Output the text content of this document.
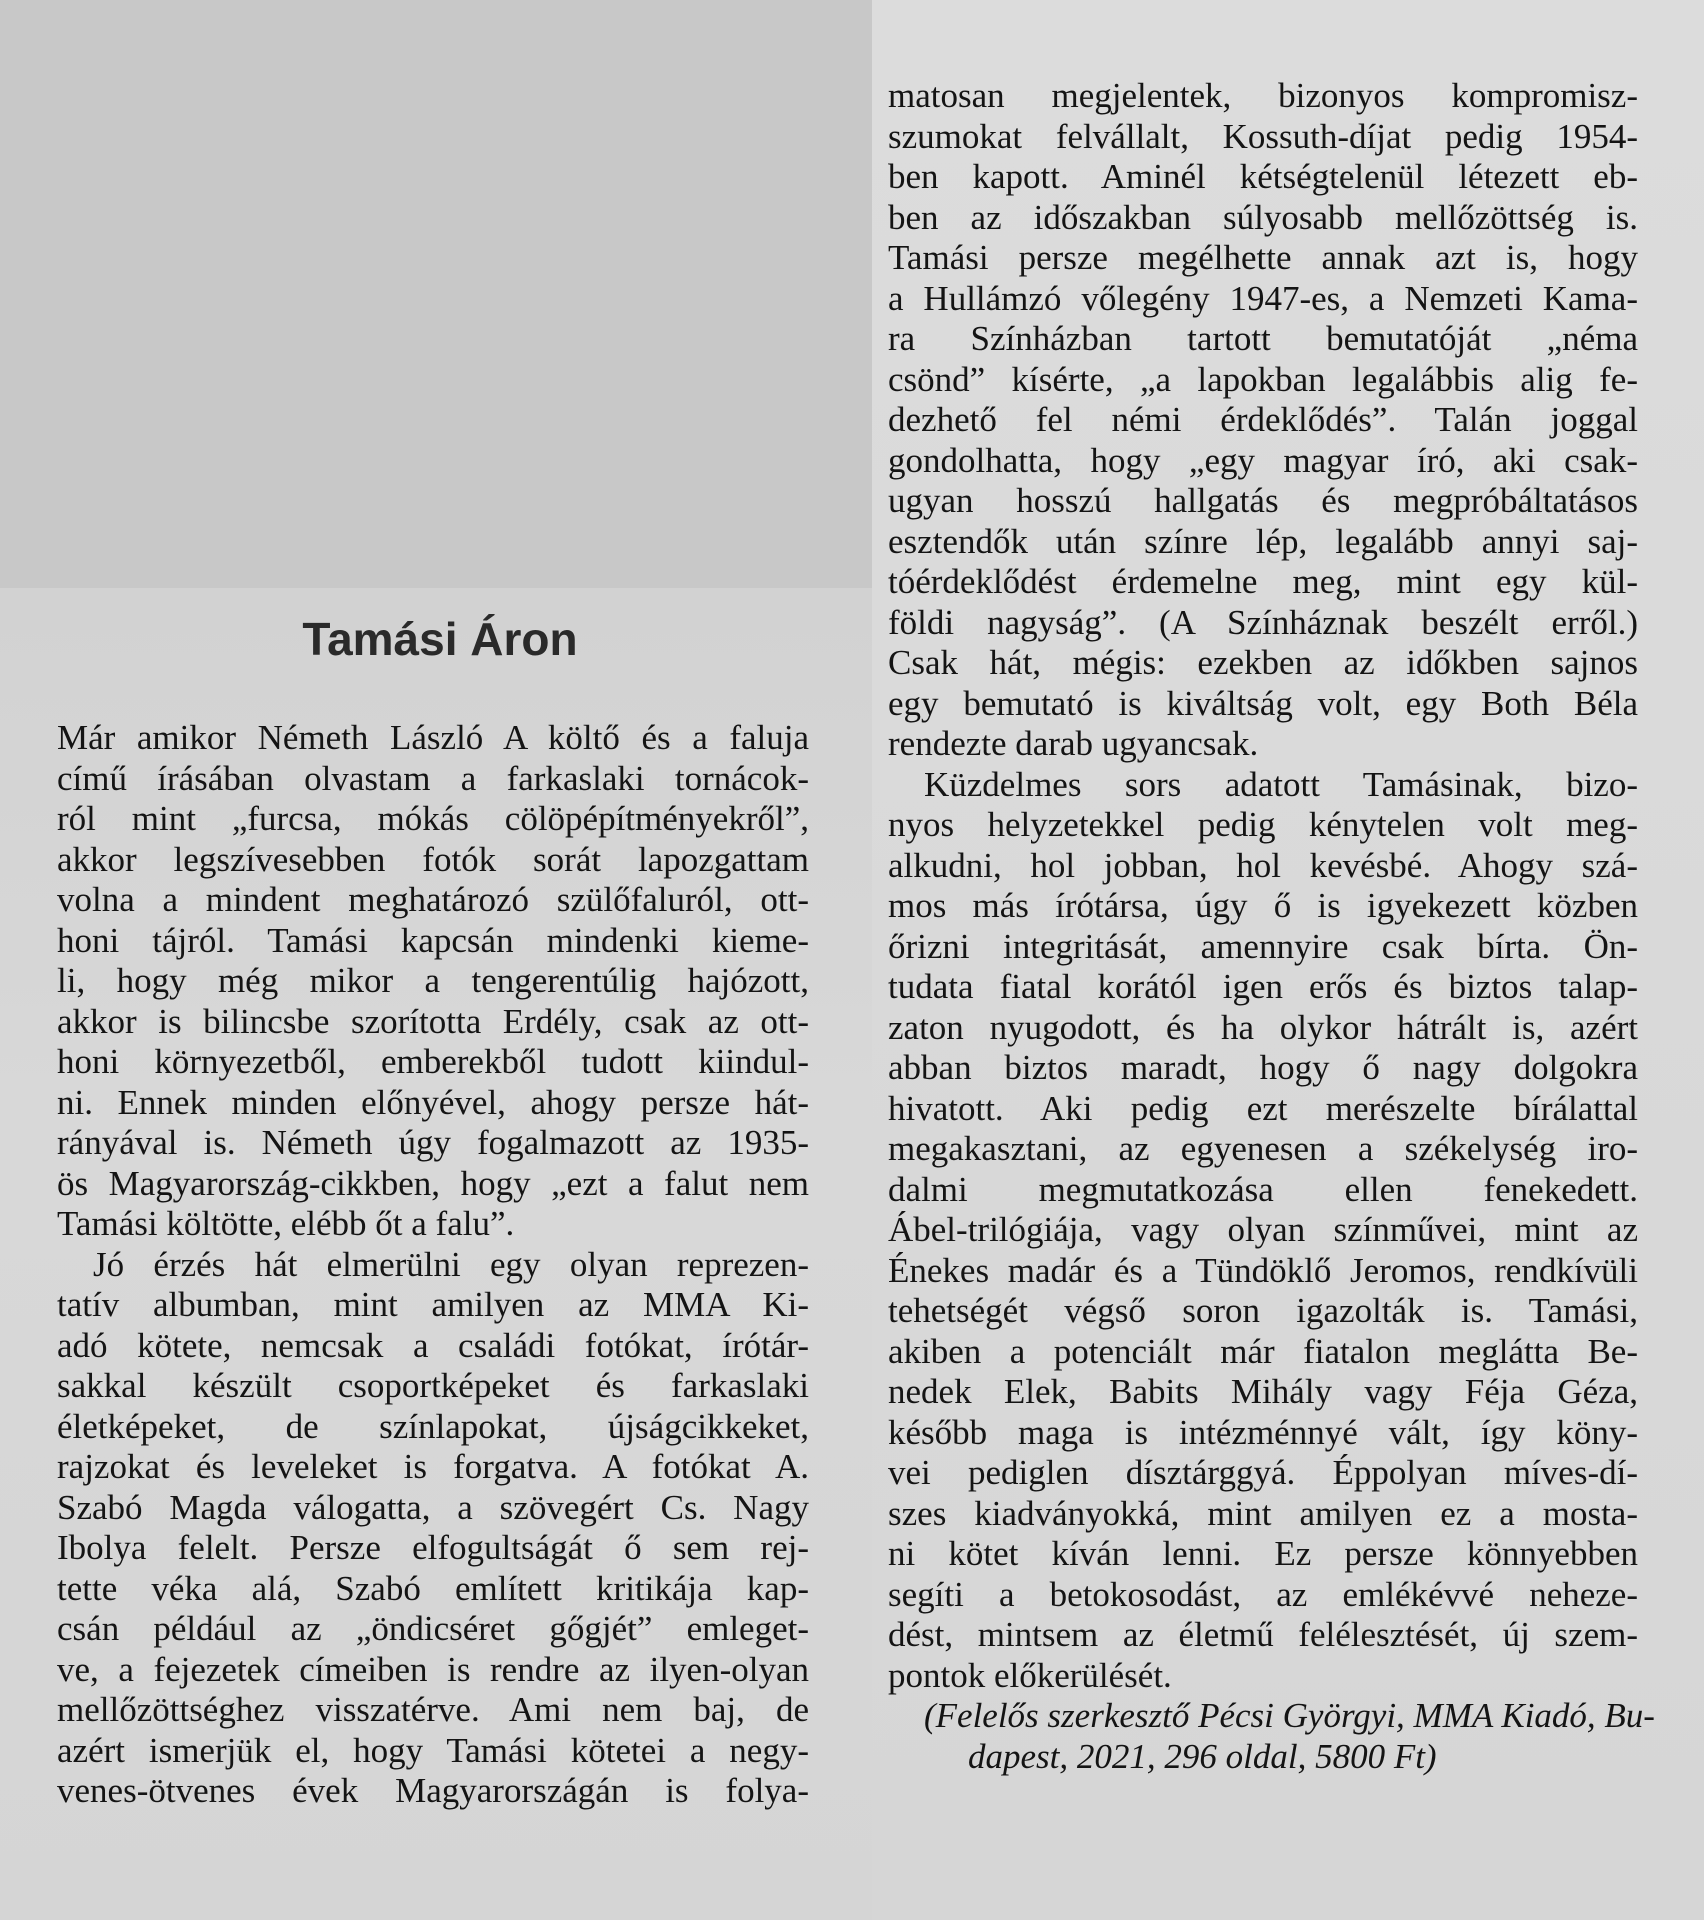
Tamási Áron
Már amikor Németh László A költő és a faluja
című írásában olvastam a farkaslaki tornácok-
ról mint „furcsa, mókás cölöpépítményekről”,
akkor legszívesebben fotók sorát lapozgattam
volna a mindent meghatározó szülőfaluról, ott-
honi tájról. Tamási kapcsán mindenki kieme-
li, hogy még mikor a tengerentúlig hajózott,
akkor is bilincsbe szorította Erdély, csak az ott-
honi környezetből, emberekből tudott kiindul-
ni. Ennek minden előnyével, ahogy persze hát-
rányával is. Németh úgy fogalmazott az 1935-
ös Magyarország-cikkben, hogy „ezt a falut nem
Tamási költötte, elébb őt a falu”.
Jó érzés hát elmerülni egy olyan reprezen-
tatív albumban, mint amilyen az MMA Ki-
adó kötete, nemcsak a családi fotókat, írótár-
sakkal készült csoportképeket és farkaslaki
életképeket, de színlapokat, újságcikkeket,
rajzokat és leveleket is forgatva. A fotókat A.
Szabó Magda válogatta, a szövegért Cs. Nagy
Ibolya felelt. Persze elfogultságát ő sem rej-
tette véka alá, Szabó említett kritikája kap-
csán például az „öndicséret gőgjét” emleget-
ve, a fejezetek címeiben is rendre az ilyen-olyan
mellőzöttséghez visszatérve. Ami nem baj, de
azért ismerjük el, hogy Tamási kötetei a negy-
venes-ötvenes évek Magyarországán is folya-
matosan megjelentek, bizonyos kompromisz-
szumokat felvállalt, Kossuth-díjat pedig 1954-
ben kapott. Aminél kétségtelenül létezett eb-
ben az időszakban súlyosabb mellőzöttség is.
Tamási persze megélhette annak azt is, hogy
a Hullámzó vőlegény 1947-es, a Nemzeti Kama-
ra Színházban tartott bemutatóját „néma
csönd” kísérte, „a lapokban legalábbis alig fe-
dezhető fel némi érdeklődés”. Talán joggal
gondolhatta, hogy „egy magyar író, aki csak-
ugyan hosszú hallgatás és megpróbáltatásos
esztendők után színre lép, legalább annyi saj-
tóérdeklődést érdemelne meg, mint egy kül-
földi nagyság”. (A Színháznak beszélt erről.)
Csak hát, mégis: ezekben az időkben sajnos
egy bemutató is kiváltság volt, egy Both Béla
rendezte darab ugyancsak.
Küzdelmes sors adatott Tamásinak, bizo-
nyos helyzetekkel pedig kénytelen volt meg-
alkudni, hol jobban, hol kevésbé. Ahogy szá-
mos más írótársa, úgy ő is igyekezett közben
őrizni integritását, amennyire csak bírta. Ön-
tudata fiatal korától igen erős és biztos talap-
zaton nyugodott, és ha olykor hátrált is, azért
abban biztos maradt, hogy ő nagy dolgokra
hivatott. Aki pedig ezt merészelte bírálattal
megakasztani, az egyenesen a székelység iro-
dalmi megmutatkozása ellen fenekedett.
Ábel-trilógiája, vagy olyan színművei, mint az
Énekes madár és a Tündöklő Jeromos, rendkívüli
tehetségét végső soron igazolták is. Tamási,
akiben a potenciált már fiatalon meglátta Be-
nedek Elek, Babits Mihály vagy Féja Géza,
később maga is intézménnyé vált, így köny-
vei pediglen dísztárggyá. Éppolyan míves-dí-
szes kiadványokká, mint amilyen ez a mosta-
ni kötet kíván lenni. Ez persze könnyebben
segíti a betokosodást, az emlékévvé neheze-
dést, mintsem az életmű felélesztését, új szem-
pontok előkerülését.
(Felelős szerkesztő Pécsi Györgyi, MMA Kiadó, Bu-
dapest, 2021, 296 oldal, 5800 Ft)
